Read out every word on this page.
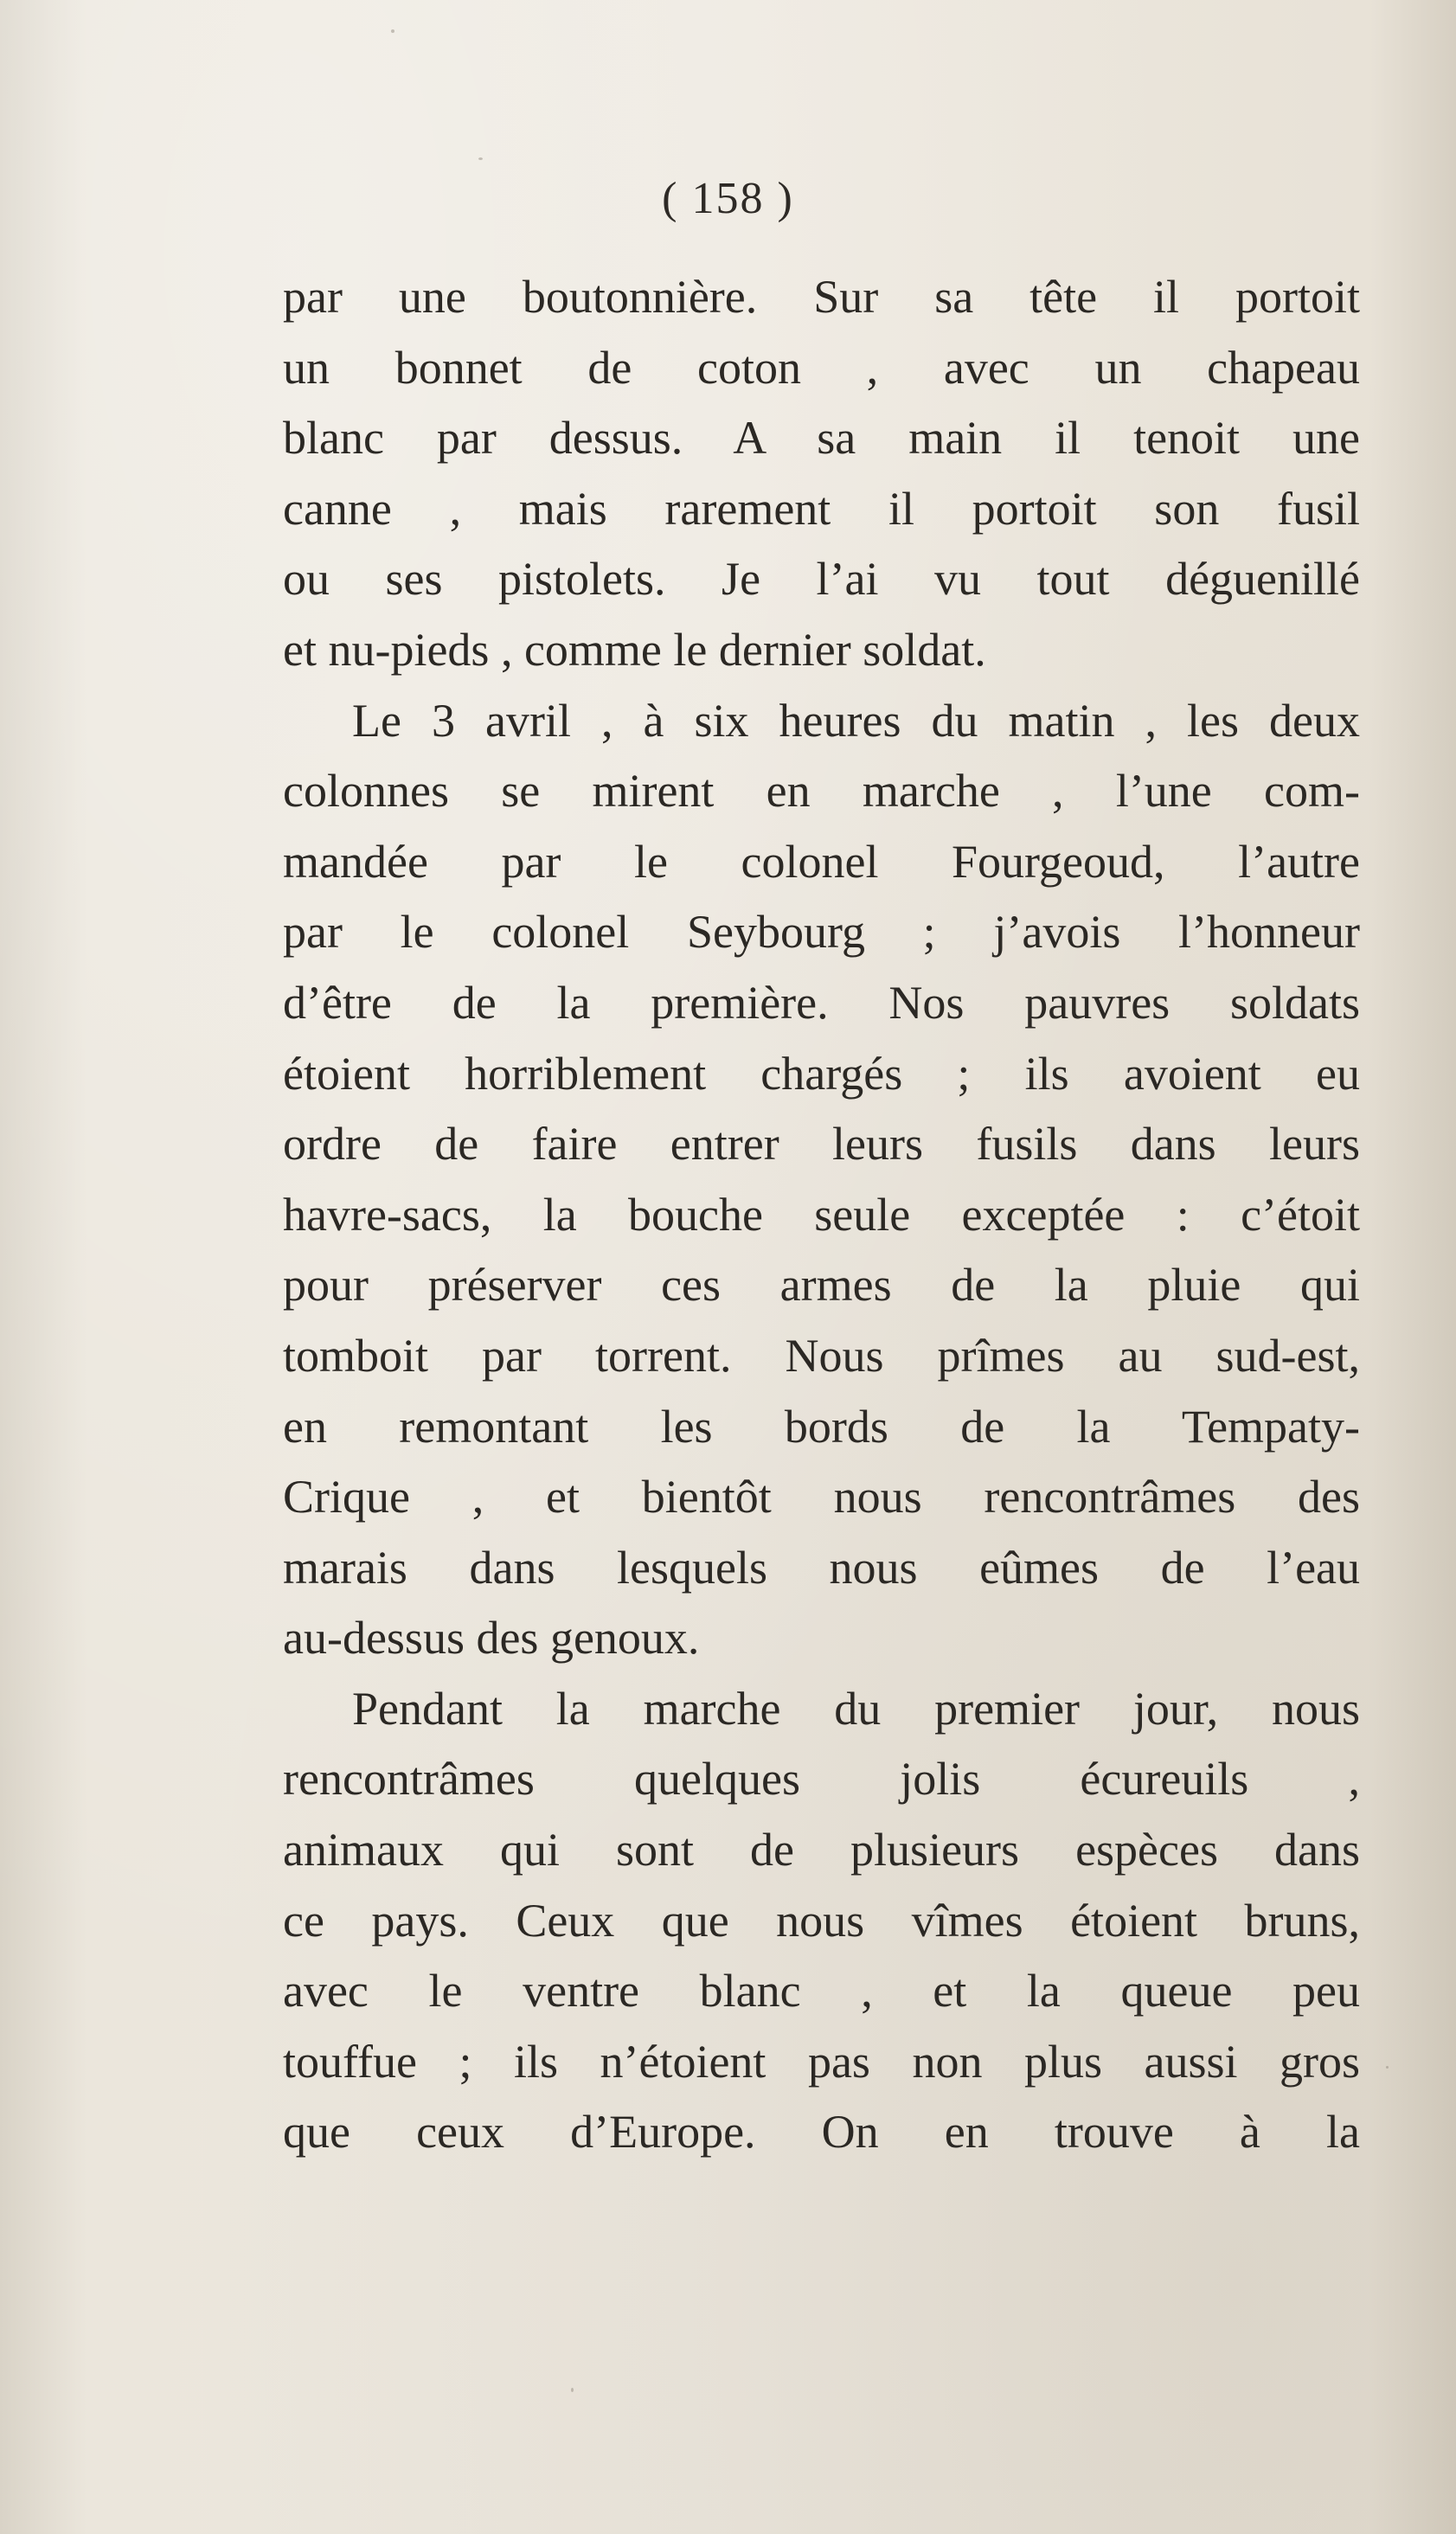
( 158 )
par une boutonnière. Sur sa tête il portoit
un bonnet de coton , avec un chapeau
blanc par dessus. A sa main il tenoit une
canne , mais rarement il portoit son fusil
ou ses pistolets. Je l’ai vu tout déguenillé
et nu-pieds , comme le dernier soldat.
Le 3 avril , à six heures du matin , les deux
colonnes se mirent en marche , l’une com-
mandée par le colonel Fourgeoud, l’autre
par le colonel Seybourg ; j’avois l’honneur
d’être de la première. Nos pauvres soldats
étoient horriblement chargés ; ils avoient eu
ordre de faire entrer leurs fusils dans leurs
havre-sacs, la bouche seule exceptée : c’étoit
pour préserver ces armes de la pluie qui
tomboit par torrent. Nous prîmes au sud-est,
en remontant les bords de la Tempaty-
Crique , et bientôt nous rencontrâmes des
marais dans lesquels nous eûmes de l’eau
au-dessus des genoux.
Pendant la marche du premier jour, nous
rencontrâmes quelques jolis écureuils ,
animaux qui sont de plusieurs espèces dans
ce pays. Ceux que nous vîmes étoient bruns,
avec le ventre blanc , et la queue peu
touffue ; ils n’étoient pas non plus aussi gros
que ceux d’Europe. On en trouve à la
